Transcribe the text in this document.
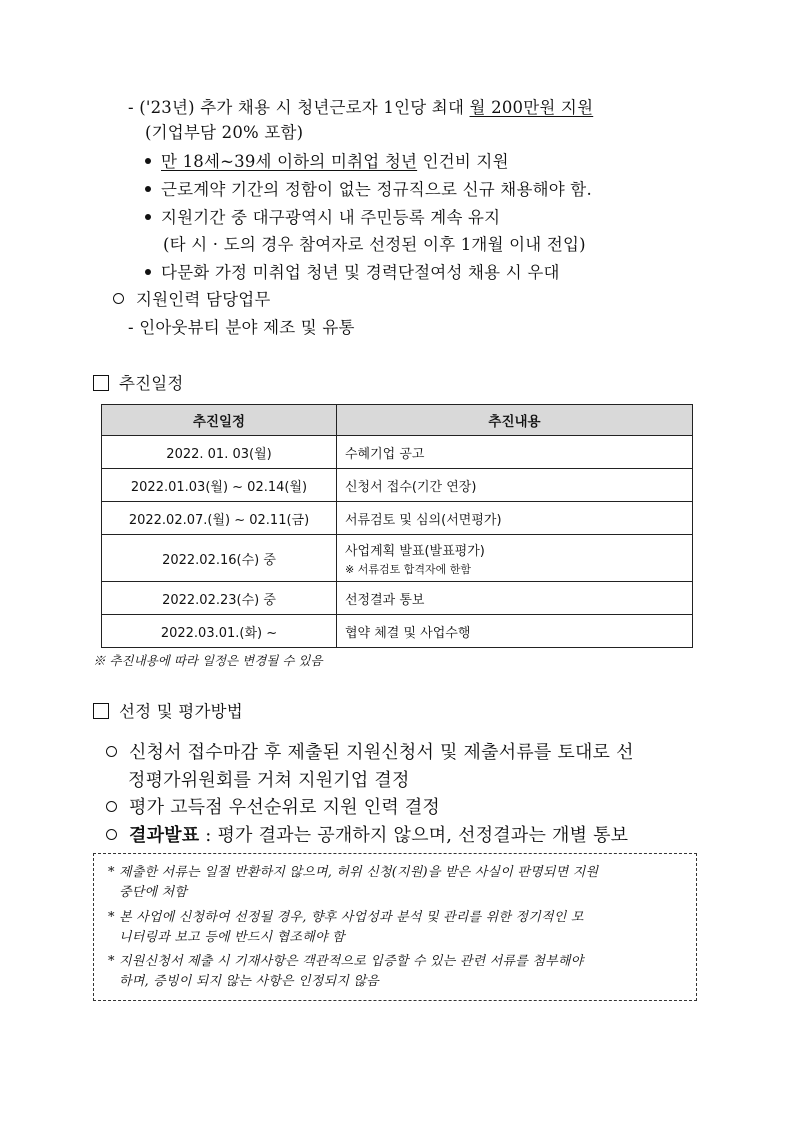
- ('23년) 추가 채용 시 청년근로자 1인당 최대 월 200만원 지원
(기업부담 20% 포함)
만 18세~39세 이하의 미취업 청년 인건비 지원
근로계약 기간의 정함이 없는 정규직으로 신규 채용해야 함.
지원기간 중 대구광역시 내 주민등록 계속 유지
(타 시 · 도의 경우 참여자로 선정된 이후 1개월 이내 전입)
다문화 가정 미취업 청년 및 경력단절여성 채용 시 우대
지원인력 담당업무
- 인아웃뷰티 분야 제조 및 유통
추진일정
추진일정	추진내용
2022. 01. 03(월)	수혜기업 공고
2022.01.03(월) ~ 02.14(월)	신청서 접수(기간 연장)
2022.02.07.(월) ~ 02.11(금)	서류검토 및 심의(서면평가)
2022.02.16(수) 중	사업계획 발표(발표평가)
※ 서류검토 합격자에 한함

2022.02.23(수) 중	선정결과 통보
2022.03.01.(화) ~	협약 체결 및 사업수행
※ 추진내용에 따라 일정은 변경될 수 있음
선정 및 평가방법
신청서 접수마감 후 제출된 지원신청서 및 제출서류를 토대로 선
정평가위원회를 거쳐 지원기업 결정
평가 고득점 우선순위로 지원 인력 결정
결과발표 : 평가 결과는 공개하지 않으며, 선정결과는 개별 통보
* 제출한 서류는 일절 반환하지 않으며, 허위 신청(지원)을 받은 사실이 판명되면 지원
중단에 처함
* 본 사업에 신청하여 선정될 경우, 향후 사업성과 분석 및 관리를 위한 정기적인 모
니터링과 보고 등에 반드시 협조해야 함
* 지원신청서 제출 시 기재사항은 객관적으로 입증할 수 있는 관련 서류를 첨부해야
하며, 증빙이 되지 않는 사항은 인정되지 않음
